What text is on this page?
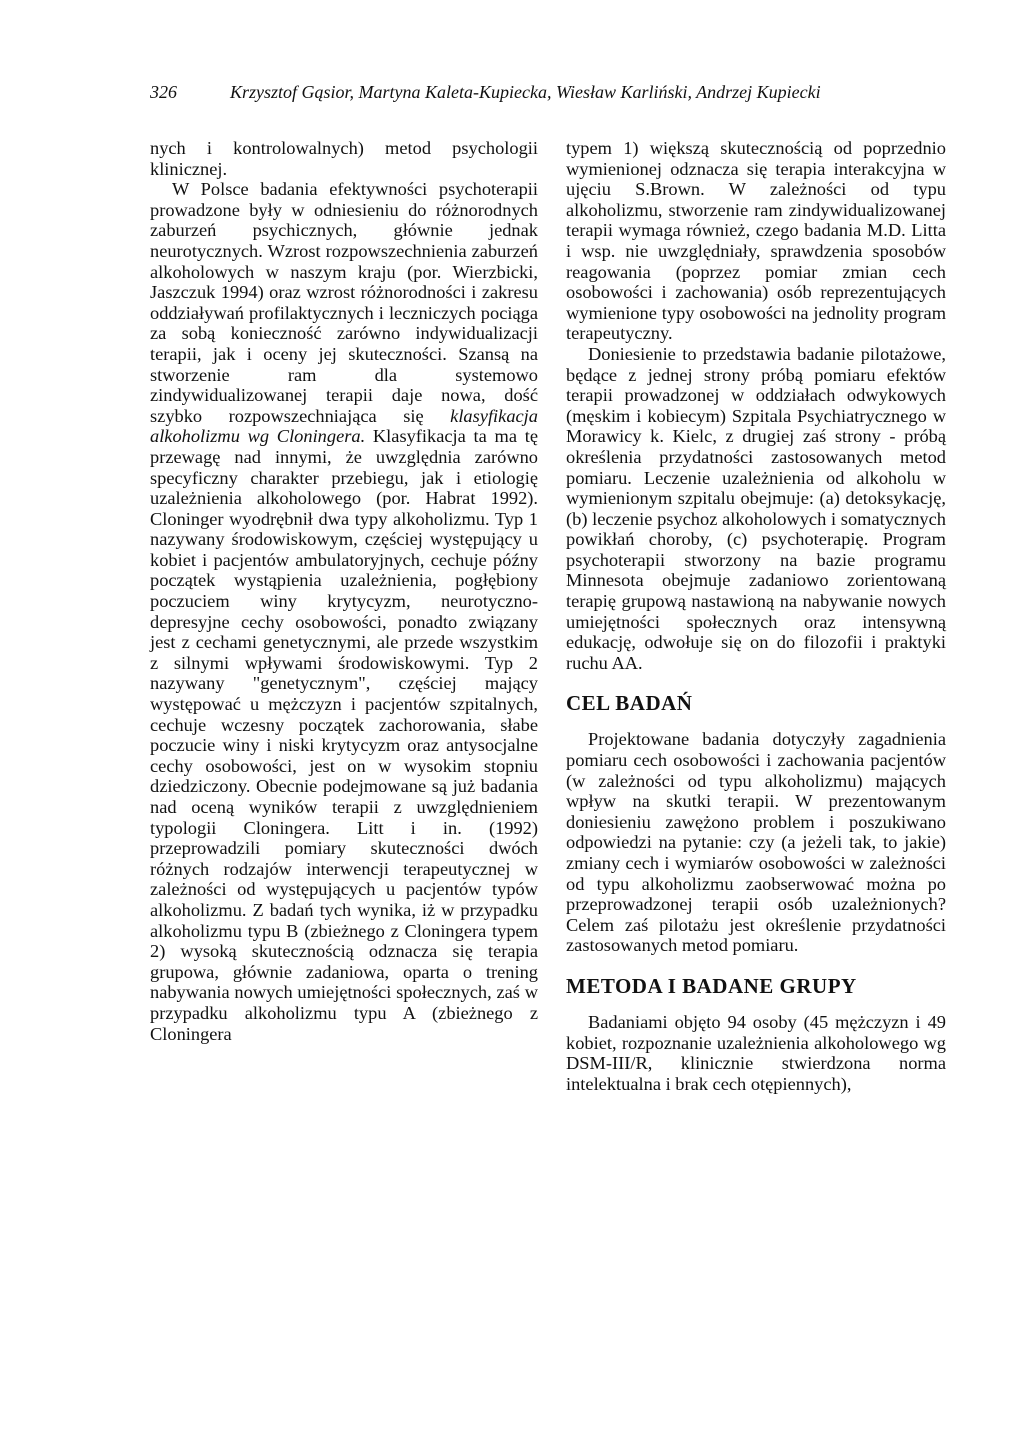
326	Krzysztof Gąsior, Martyna Kaleta-Kupiecka, Wiesław Karliński, Andrzej Kupiecki

nych i kontrolowalnych) metod psychologii klinicznej.

W Polsce badania efektywności psychoterapii prowadzone były w odniesieniu do różnorodnych zaburzeń psychicznych, głównie jednak neurotycznych. Wzrost rozpowszechnienia zaburzeń alkoholowych w naszym kraju (por. Wierzbicki, Jaszczuk 1994) oraz wzrost różnorodności i zakresu oddziaływań profilaktycznych i leczniczych pociąga za sobą konieczność zarówno indywidualizacji terapii, jak i oceny jej skuteczności. Szansą na stworzenie ram dla systemowo zindywidualizowanej terapii daje nowa, dość szybko rozpowszechniająca się klasyfikacja alkoholizmu wg Cloningera. Klasyfikacja ta ma tę przewagę nad innymi, że uwzględnia zarówno specyficzny charakter przebiegu, jak i etiologię uzależnienia alkoholowego (por. Habrat 1992). Cloninger wyodrębnił dwa typy alkoholizmu. Typ 1 nazywany środowiskowym, częściej występujący u kobiet i pacjentów ambulatoryjnych, cechuje późny początek wystąpienia uzależnienia, pogłębiony poczuciem winy krytycyzm, neurotyczno-depresyjne cechy osobowości, ponadto związany jest z cechami genetycznymi, ale przede wszystkim z silnymi wpływami środowiskowymi. Typ 2 nazywany "genetycznym", częściej mający występować u mężczyzn i pacjentów szpitalnych, cechuje wczesny początek zachorowania, słabe poczucie winy i niski krytycyzm oraz antysocjalne cechy osobowości, jest on w wysokim stopniu dziedziczony. Obecnie podejmowane są już badania nad oceną wyników terapii z uwzględnieniem typologii Cloningera. Litt i in. (1992) przeprowadzili pomiary skuteczności dwóch różnych rodzajów interwencji terapeutycznej w zależności od występujących u pacjentów typów alkoholizmu. Z badań tych wynika, iż w przypadku alkoholizmu typu B (zbieżnego z Cloningera typem 2) wysoką skutecznością odznacza się terapia grupowa, głównie zadaniowa, oparta o trening nabywania nowych umiejętności społecznych, zaś w przypadku alkoholizmu typu A (zbieżnego z Cloningera

typem 1) większą skutecznością od poprzednio wymienionej odznacza się terapia interakcyjna w ujęciu S.Brown. W zależności od typu alkoholizmu, stworzenie ram zindywidualizowanej terapii wymaga również, czego badania M.D. Litta i wsp. nie uwzględniały, sprawdzenia sposobów reagowania (poprzez pomiar zmian cech osobowości i zachowania) osób reprezentujących wymienione typy osobowości na jednolity program terapeutyczny.

Doniesienie to przedstawia badanie pilotażowe, będące z jednej strony próbą pomiaru efektów terapii prowadzonej w oddziałach odwykowych (męskim i kobiecym) Szpitala Psychiatrycznego w Morawicy k. Kielc, z drugiej zaś strony - próbą określenia przydatności zastosowanych metod pomiaru. Leczenie uzależnienia od alkoholu w wymienionym szpitalu obejmuje: (a) detoksykację, (b) leczenie psychoz alkoholowych i somatycznych powikłań choroby, (c) psychoterapię. Program psychoterapii stworzony na bazie programu Minnesota obejmuje zadaniowo zorientowaną terapię grupową nastawioną na nabywanie nowych umiejętności społecznych oraz intensywną edukację, odwołuje się on do filozofii i praktyki ruchu AA.

CEL BADAŃ

Projektowane badania dotyczyły zagadnienia pomiaru cech osobowości i zachowania pacjentów (w zależności od typu alkoholizmu) mających wpływ na skutki terapii. W prezentowanym doniesieniu zawężono problem i poszukiwano odpowiedzi na pytanie: czy (a jeżeli tak, to jakie) zmiany cech i wymiarów osobowości w zależności od typu alkoholizmu zaobserwować można po przeprowadzonej terapii osób uzależnionych? Celem zaś pilotażu jest określenie przydatności zastosowanych metod pomiaru.

METODA I BADANE GRUPY

Badaniami objęto 94 osoby (45 mężczyzn i 49 kobiet, rozpoznanie uzależnienia alkoholowego wg DSM-III/R, klinicznie stwierdzona norma intelektualna i brak cech otępiennych),
